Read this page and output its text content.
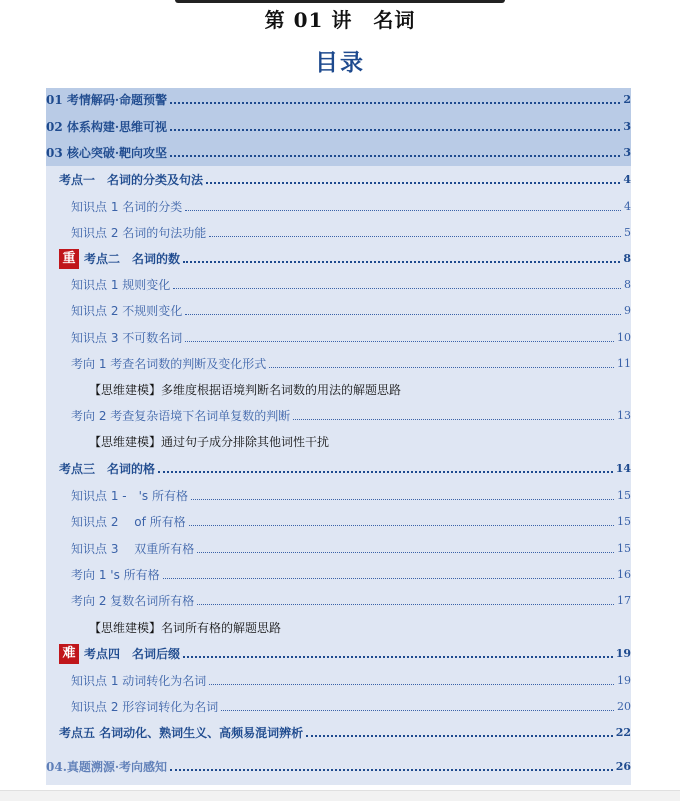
第 01 讲　名词
目录
01 考情解码·命题预警	2
02 体系构建·思维可视	3
03 核心突破·靶向攻坚	3
考点一　名词的分类及句法	4
知识点 1 名词的分类	4
知识点 2 名词的句法功能	5
重 考点二　名词的数	8
知识点 1 规则变化	8
知识点 2 不规则变化	9
知识点 3 不可数名词	10
考向 1 考查名词数的判断及变化形式	11
【思维建模】多维度根据语境判断名词数的用法的解题思路
考向 2 考查复杂语境下名词单复数的判断	13
【思维建模】通过句子成分排除其他词性干扰
考点三　名词的格	14
知识点 1 -　's 所有格	15
知识点 2　 of 所有格	15
知识点 3　 双重所有格	15
考向 1 's 所有格	16
考向 2 复数名词所有格	17
【思维建模】名词所有格的解题思路
难 考点四　名词后缀	19
知识点 1 动词转化为名词	19
知识点 2 形容词转化为名词	20
考点五 名词动化、熟词生义、高频易混词辨析	22
04.真题溯源·考向感知	26
